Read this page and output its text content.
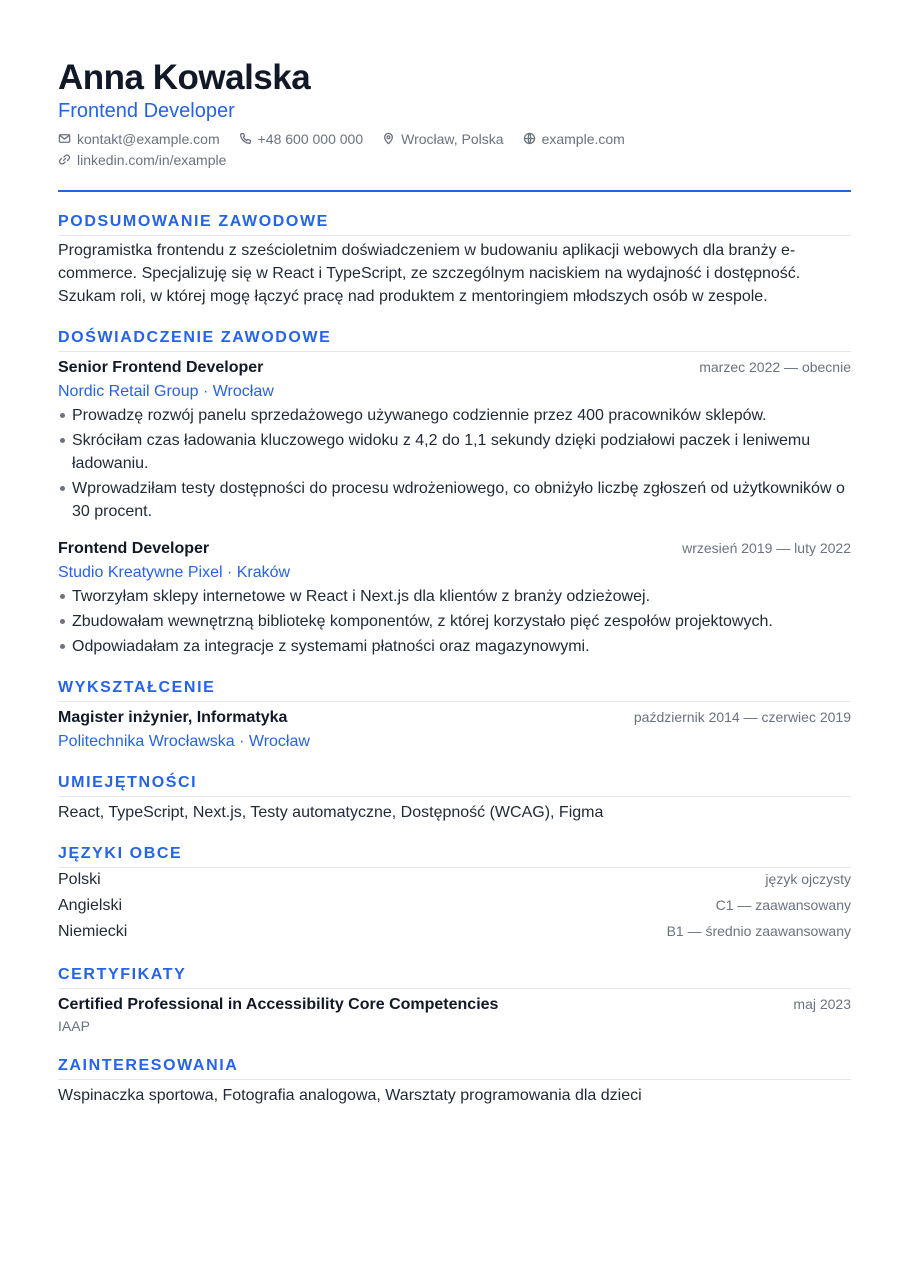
Anna Kowalska
Frontend Developer
kontakt@example.com	+48 600 000 000	Wrocław, Polska	example.com
linkedin.com/in/example
PODSUMOWANIE ZAWODOWE
Programistka frontendu z sześcioletnim doświadczeniem w budowaniu aplikacji webowych dla branży e-commerce. Specjalizuję się w React i TypeScript, ze szczególnym naciskiem na wydajność i dostępność. Szukam roli, w której mogę łączyć pracę nad produktem z mentoringiem młodszych osób w zespole.
DOŚWIADCZENIE ZAWODOWE
Senior Frontend Developer	marzec 2022 — obecnie
Nordic Retail Group · Wrocław
Prowadzę rozwój panelu sprzedażowego używanego codziennie przez 400 pracowników sklepów.
Skróciłam czas ładowania kluczowego widoku z 4,2 do 1,1 sekundy dzięki podziałowi paczek i leniwemu ładowaniu.
Wprowadziłam testy dostępności do procesu wdrożeniowego, co obniżyło liczbę zgłoszeń od użytkowników o 30 procent.
Frontend Developer	wrzesień 2019 — luty 2022
Studio Kreatywne Pixel · Kraków
Tworzyłam sklepy internetowe w React i Next.js dla klientów z branży odzieżowej.
Zbudowałam wewnętrzną bibliotekę komponentów, z której korzystało pięć zespołów projektowych.
Odpowiadałam za integracje z systemami płatności oraz magazynowymi.
WYKSZTAŁCENIE
Magister inżynier, Informatyka	październik 2014 — czerwiec 2019
Politechnika Wrocławska · Wrocław
UMIEJĘTNOŚCI
React, TypeScript, Next.js, Testy automatyczne, Dostępność (WCAG), Figma
JĘZYKI OBCE
Polski	język ojczysty
Angielski	C1 — zaawansowany
Niemiecki	B1 — średnio zaawansowany
CERTYFIKATY
Certified Professional in Accessibility Core Competencies	maj 2023
IAAP
ZAINTERESOWANIA
Wspinaczka sportowa, Fotografia analogowa, Warsztaty programowania dla dzieci
